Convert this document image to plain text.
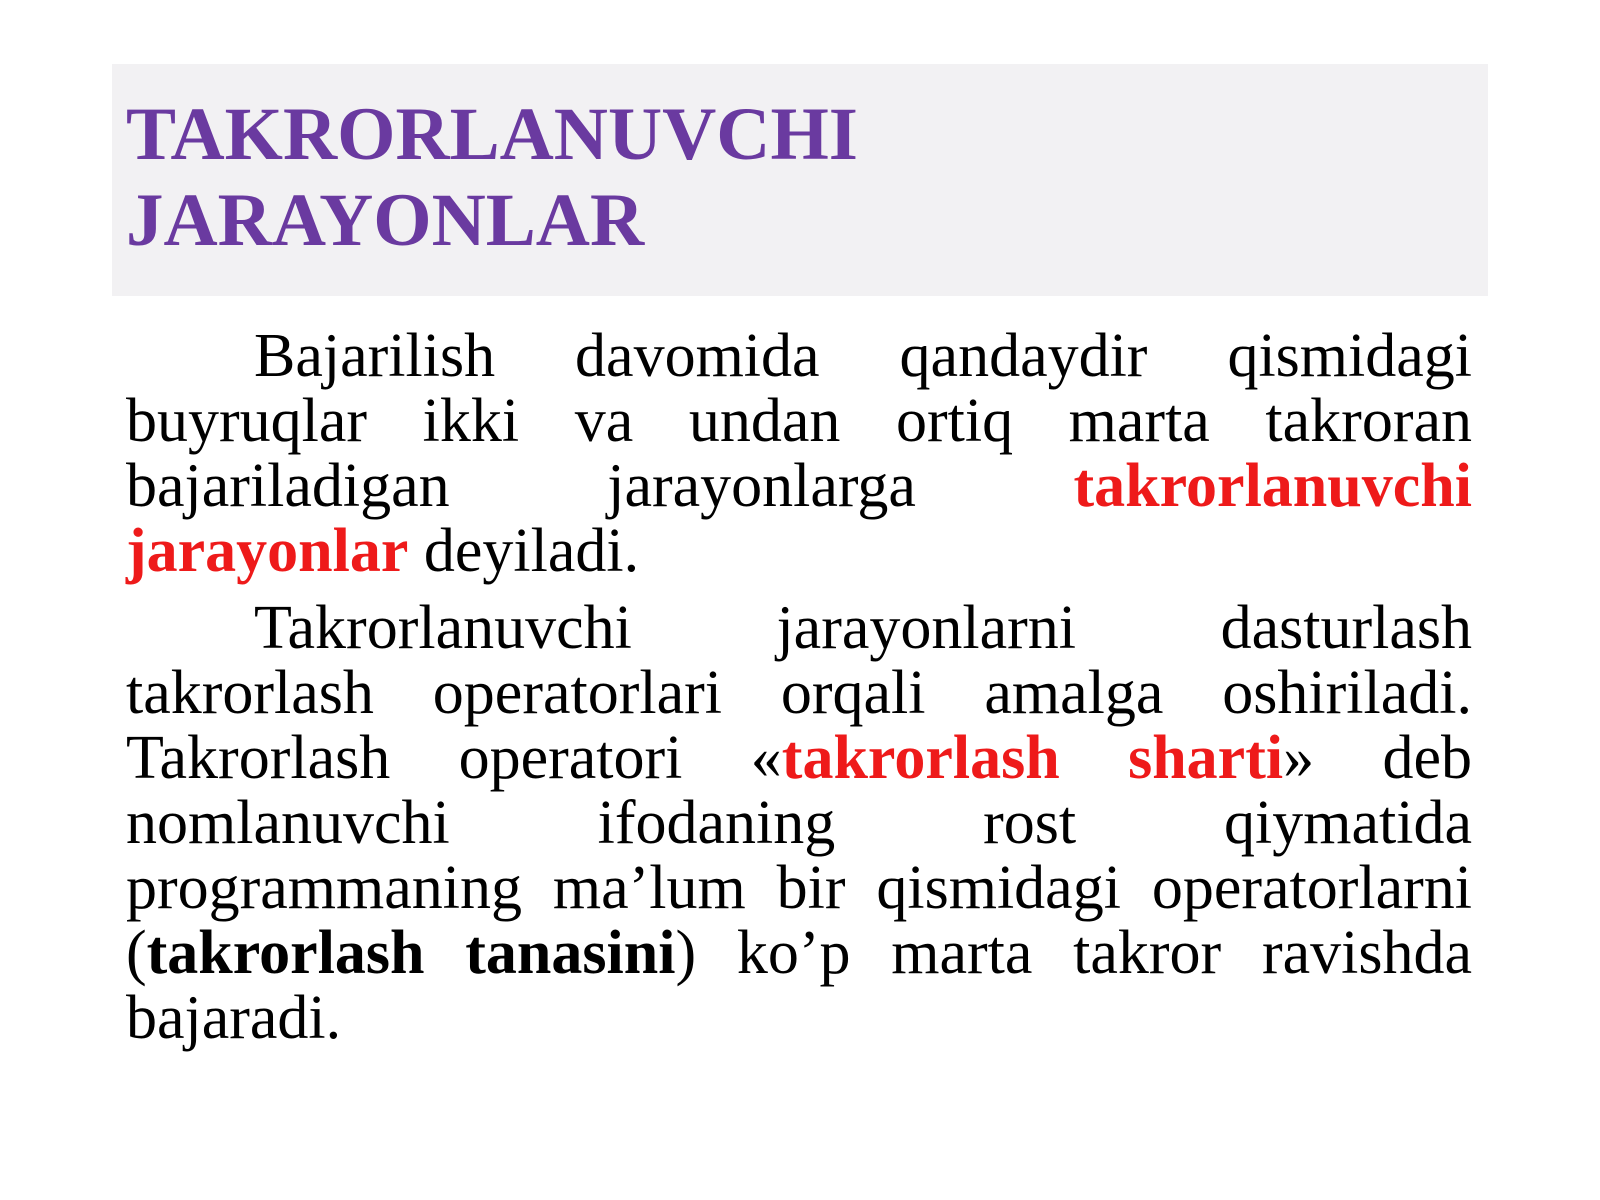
TAKRORLANUVCHI
JARAYONLAR

Bajarilish davomida qandaydir qismidagi buyruqlar ikki va undan ortiq marta takroran bajariladigan jarayonlarga takrorlanuvchi jarayonlar deyiladi.

Takrorlanuvchi jarayonlarni dasturlash takrorlash operatorlari orqali amalga oshiriladi. Takrorlash operatori «takrorlash sharti» deb nomlanuvchi ifodaning rost qiymatida programmaning ma’lum bir qismidagi operatorlarni (takrorlash tanasini) ko’p marta takror ravishda bajaradi.
